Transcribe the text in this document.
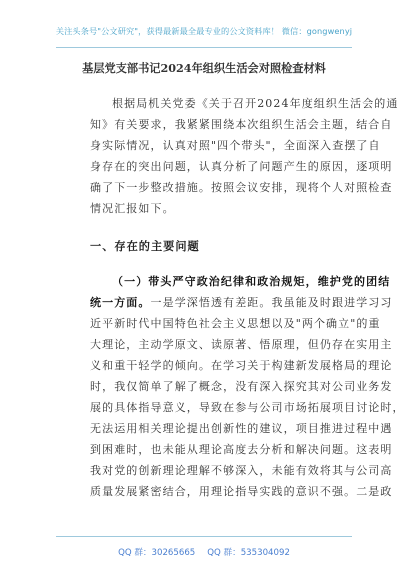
关注头条号"公文研究"，获得最新最全最专业的公文资料库！ 微信：gongwenyj
基层党支部书记2024年组织生活会对照检查材料
根据局机关党委《关于召开2024年度组织生活会的通
知》有关要求，我紧紧围绕本次组织生活会主题，结合自
身实际情况，认真对照"四个带头"，全面深入查摆了自
身存在的突出问题，认真分析了问题产生的原因，逐项明
确了下一步整改措施。按照会议安排，现将个人对照检查
情况汇报如下。
一、存在的主要问题
（一）带头严守政治纪律和政治规矩，维护党的团结
统一方面。一是学深悟透有差距。我虽能及时跟进学习习
近平新时代中国特色社会主义思想以及"两个确立"的重
大理论，主动学原文、读原著、悟原理，但仍存在实用主
义和重干轻学的倾向。在学习关于构建新发展格局的理论
时，我仅简单了解了概念，没有深入探究其对公司业务发
展的具体指导意义，导致在参与公司市场拓展项目讨论时，
无法运用相关理论提出创新性的建议，项目推进过程中遇
到困难时，也未能从理论高度去分析和解决问题。这表明
我对党的创新理论理解不够深入，未能有效将其与公司高
质量发展紧密结合，用理论指导实践的意识不强。二是政
QQ 群：30265665 QQ 群：535304092
